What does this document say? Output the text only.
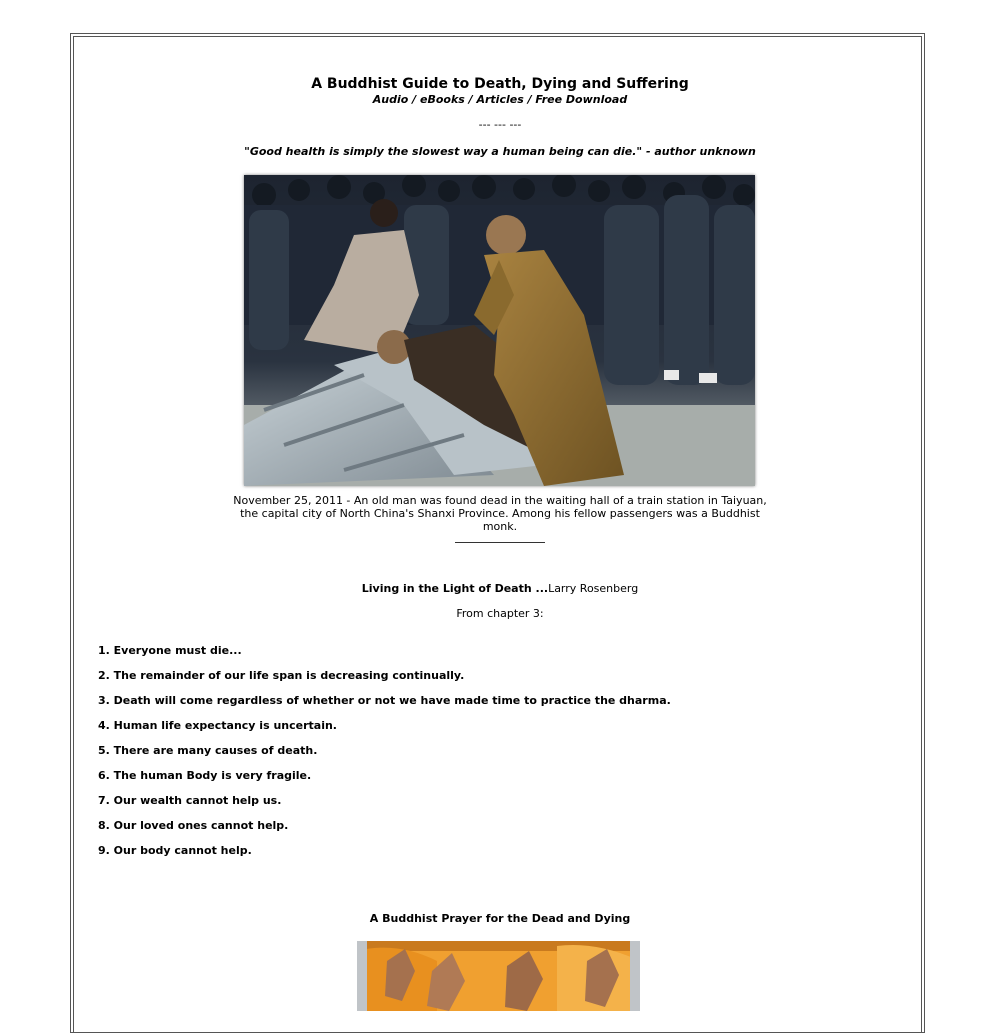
A Buddhist Guide to Death, Dying and Suffering
Audio / eBooks / Articles / Free Download
--- --- ---
"Good health is simply the slowest way a human being can die." - author unknown
November 25, 2011 - An old man was found dead in the waiting hall of a train station in Taiyuan, the capital city of North China's Shanxi Province. Among his fellow passengers was a Buddhist monk.
Living in the Light of Death ...Larry Rosenberg
From chapter 3:
1. Everyone must die...
2. The remainder of our life span is decreasing continually.
3. Death will come regardless of whether or not we have made time to practice the dharma.
4. Human life expectancy is uncertain.
5. There are many causes of death.
6. The human Body is very fragile.
7. Our wealth cannot help us.
8. Our loved ones cannot help.
9. Our body cannot help.
A Buddhist Prayer for the Dead and Dying
